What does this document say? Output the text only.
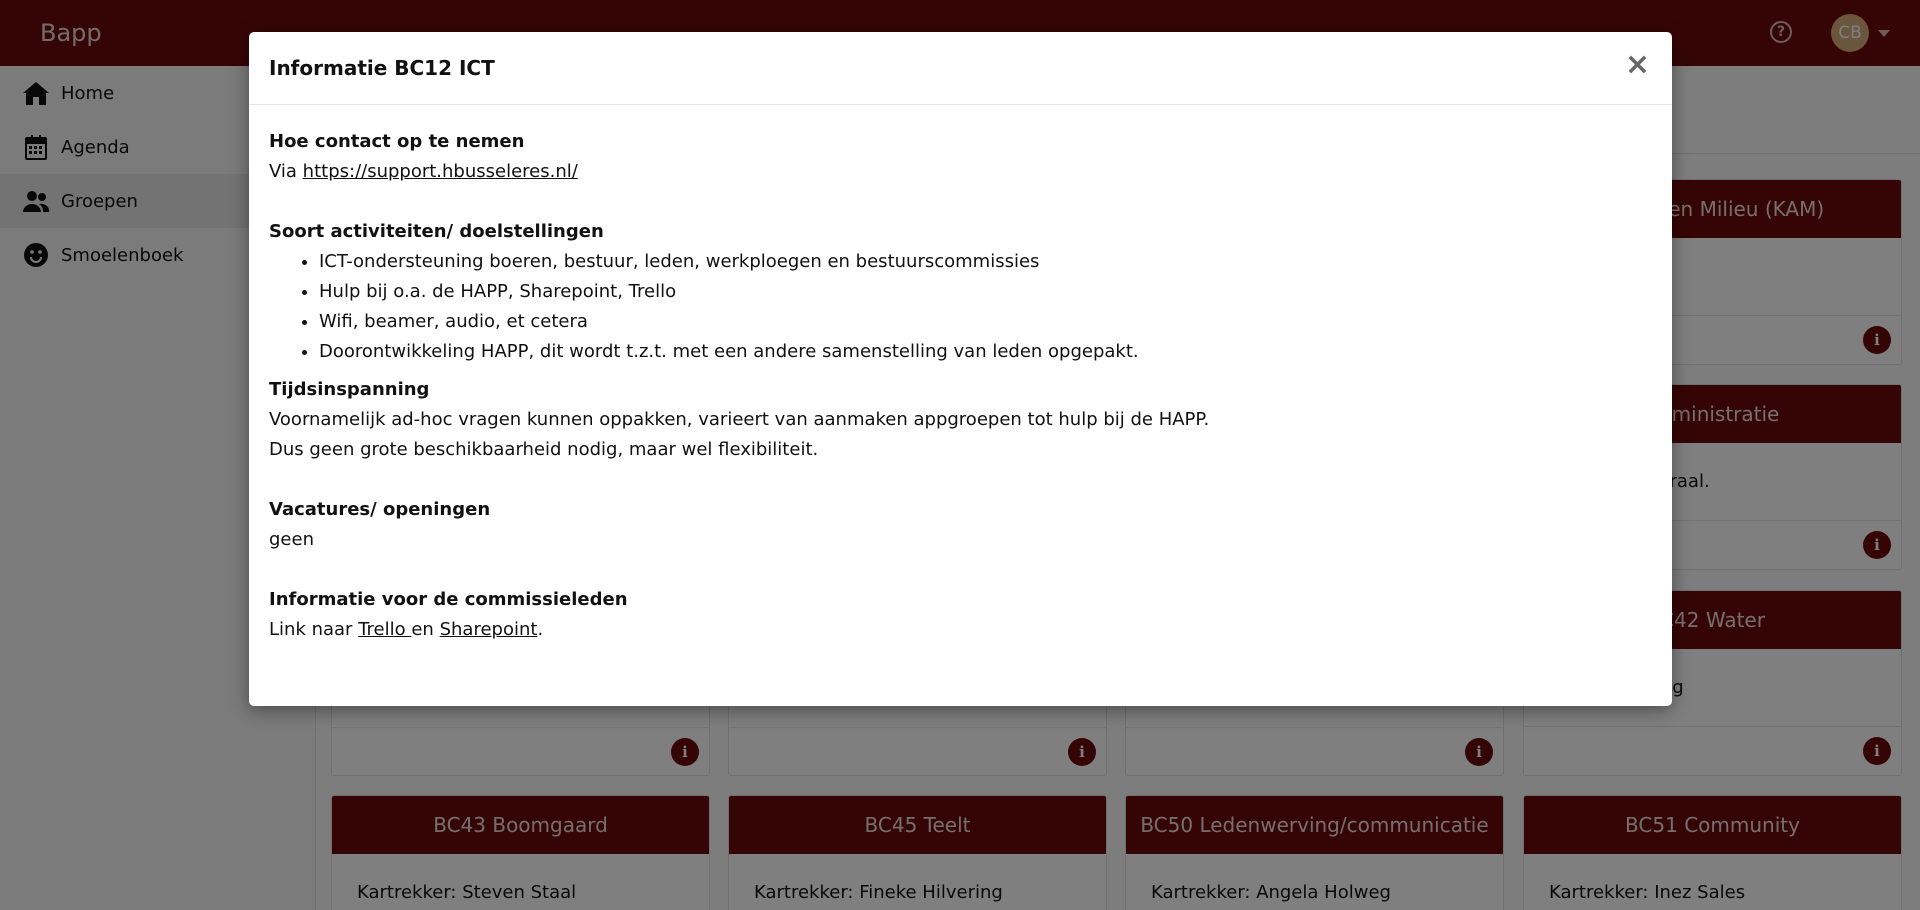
Informatie BC12 ICT	×
Hoe contact op te nemen
Via https://support.hbusseleres.nl/
Soort activiteiten/ doelstellingen
• ICT-ondersteuning boeren, bestuur, leden, werkploegen en bestuurscommissies
• Hulp bij o.a. de HAPP, Sharepoint, Trello
• Wifi, beamer, audio, et cetera
• Doorontwikkeling HAPP, dit wordt t.z.t. met een andere samenstelling van leden opgepakt.
Tijdsinspanning
Voornamelijk ad-hoc vragen kunnen oppakken, varieert van aanmaken appgroepen tot hulp bij de HAPP.
Dus geen grote beschikbaarheid nodig, maar wel flexibiliteit.
Vacatures/ openingen
geen
Informatie voor de commissieleden
Link naar Trello en Sharepoint.
